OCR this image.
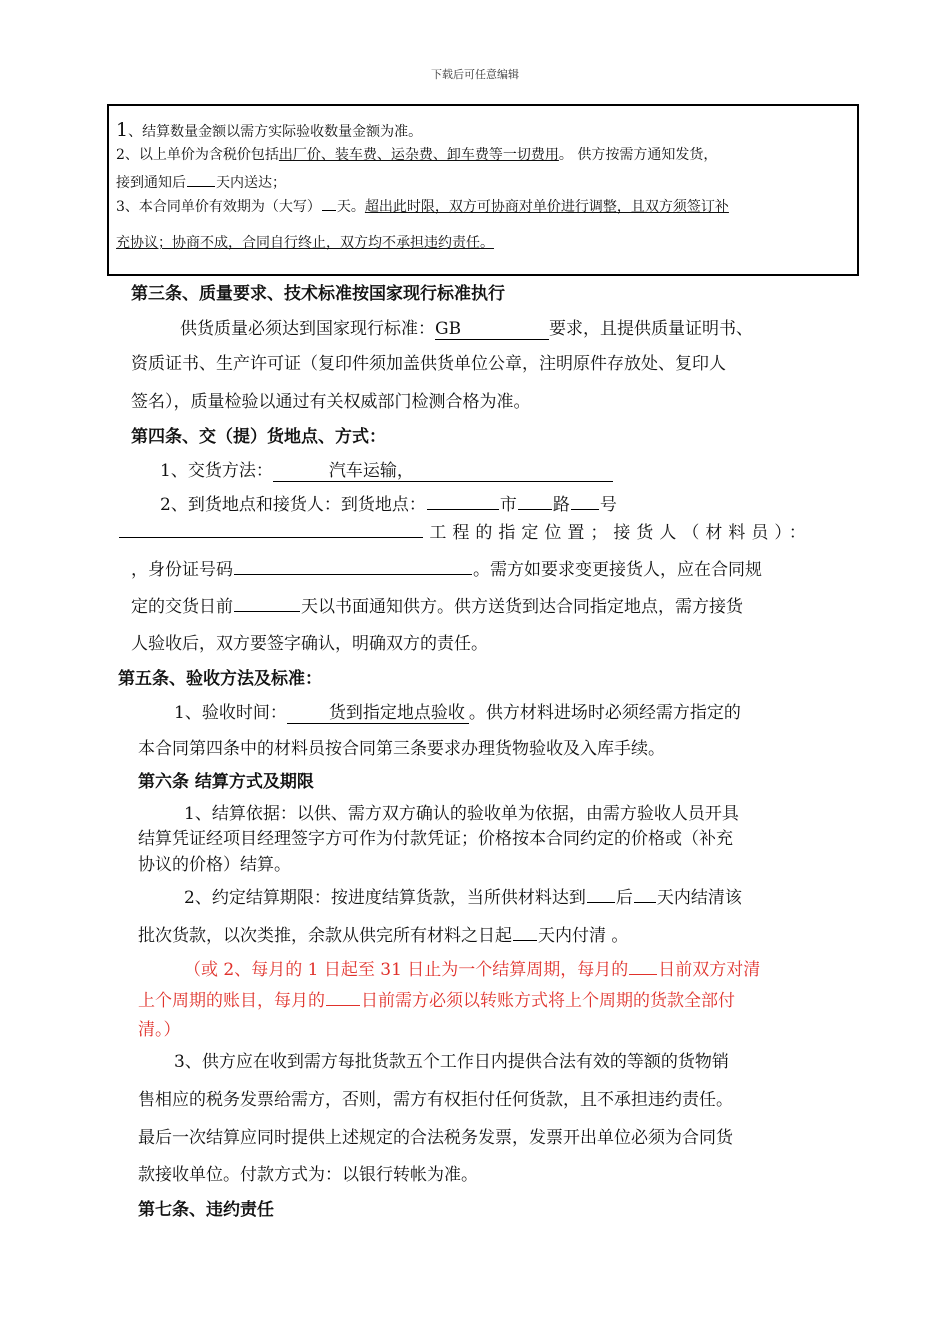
下载后可任意编辑
1、结算数量金额以需方实际验收数量金额为准。
2、以上单价为含税价包括出厂价、装车费、运杂费、卸车费等一切费用。 供方按需方通知发货，
接到通知后 天内送达；
3、本合同单价有效期为（大写） 天。超出此时限，双方可协商对单价进行调整，且双方须签订补
充协议；协商不成，合同自行终止，双方均不承担违约责任。
第三条、质量要求、技术标准按国家现行标准执行
供货质量必须达到国家现行标准：GB	要求，且提供质量证明书、
资质证书、生产许可证（复印件须加盖供货单位公章，注明原件存放处、复印人
签名），质量检验以通过有关权威部门检测合格为准。
第四条、交（提）货地点、方式：
1、交货方法：	汽车运输，
2、到货地点和接货人：到货地点：	市 路 号
工程的指定位置；接货人（材料员）：
，身份证号码	。需方如要求变更接货人，应在合同规
定的交货日前	天以书面通知供方。供方送货到达合同指定地点，需方接货
人验收后，双方要签字确认，明确双方的责任。
第五条、验收方法及标准：
1、验收时间： 货到指定地点验收 。供方材料进场时必须经需方指定的
本合同第四条中的材料员按合同第三条要求办理货物验收及入库手续。
第六条 结算方式及期限
1、结算依据：以供、需方双方确认的验收单为依据，由需方验收人员开具
结算凭证经项目经理签字方可作为付款凭证；价格按本合同约定的价格或（补充
协议的价格）结算。
2、约定结算期限：按进度结算货款，当所供材料达到 后 天内结清该
批次货款，以次类推，余款从供完所有材料之日起 天内付清 。
（或 2、每月的 1 日起至 31 日止为一个结算周期，每月的 日前双方对清
上个周期的账目，每月的 日前需方必须以转账方式将上个周期的货款全部付
清。）
3、供方应在收到需方每批货款五个工作日内提供合法有效的等额的货物销
售相应的税务发票给需方，否则，需方有权拒付任何货款，且不承担违约责任。
最后一次结算应同时提供上述规定的合法税务发票，发票开出单位必须为合同货
款接收单位。付款方式为：以银行转帐为准。
第七条、违约责任
